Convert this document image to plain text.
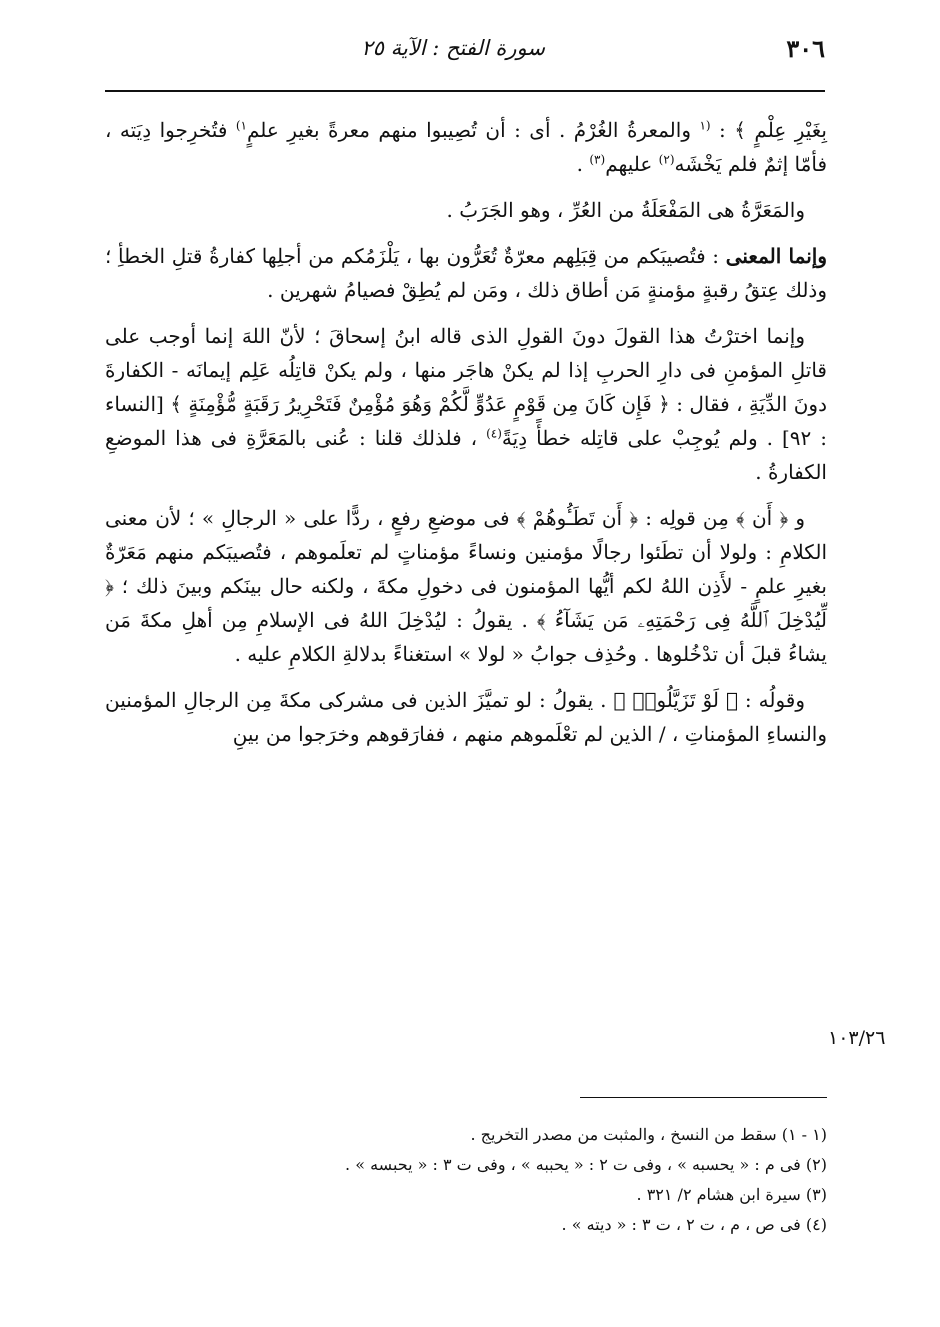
٣٠٦
سورة الفتح : الآية ٢٥

بِغَيْرِ عِلْمٍ ﴾ : $^{(١}$ والمعرةُ الغُرْمُ . أى : أن تُصِيبوا منهم معرةً بغيرِ علمٍ$^{١)}$ فتُخرِجوا دِيَته ، فأمّا إثمٌ فلم يَخْشَه$^{(٢)}$ عليهم$^{(٣)}$ .

والمَعَرَّةُ هى المَفْعَلَةُ من العُرِّ ، وهو الجَرَبُ .

وإنما المعنى : فتُصيبَكم من قِبَلِهم معرّةٌ تُعَرُّون بها ، يَلْزَمُكم من أجلِها كفارةُ قتلِ الخطأِ ؛ وذلك عِتقُ رقبةٍ مؤمنةٍ مَن أطاق ذلك ، ومَن لم يُطِقْ فصيامُ شهرين .

وإنما اخترْتُ هذا القولَ دونَ القولِ الذى قاله ابنُ إسحاقَ ؛ لأنّ اللهَ إنما أوجب على قاتلِ المؤمنِ فى دارِ الحربِ إذا لم يكنْ هاجَر منها ، ولم يكنْ قاتِلُه عَلِم إيمانَه - الكفارةَ دونَ الدِّيَةِ ، فقال : ﴿ فَإِن كَانَ مِن قَوْمٍ عَدُوٍّ لَّكُمْ وَهُوَ مُؤْمِنٌ فَتَحْرِيرُ رَقَبَةٍ مُّؤْمِنَةٍ ﴾ [النساء : ٩٢] . ولم يُوجِبْ على قاتِله خطأً دِيَةً$^{(٤)}$ ، فلذلك قلنا : عُنى بالمَعَرَّةِ فى هذا الموضعِ الكفارةُ .

و ﴿ أَن ﴾ مِن قولِه : ﴿ أَن تَطَـُٔوهُمْ ﴾ فى موضعِ رفعٍ ، ردًّا على « الرجالِ » ؛ لأن معنى الكلامِ : ولولا أن تطَئوا رجالًا مؤمنين ونساءً مؤمناتٍ لم تعلَموهم ، فتُصيبَكم منهم مَعَرّةٌ بغيرِ علمٍ - لأَذِن اللهُ لكم أيُّها المؤمنون فى دخولِ مكةَ ، ولكنه حال بينَكم وبينَ ذلك ؛ ﴿ لِّيُدْخِلَ ٱللَّهُ فِى رَحْمَتِهِۦ مَن يَشَآءُ ﴾ . يقولُ : ليُدْخِلَ اللهُ فى الإسلامِ مِن أهلِ مكةَ مَن يشاءُ قبلَ أن تدْخُلوها . وحُذِف جوابُ « لولا » استغناءً بدلالةِ الكلامِ عليه .

وقولُه : ﴿ لَوْ تَزَيَّلُوا۟ ﴾ . يقولُ : لو تميَّزَ الذين فى مشركى مكةَ مِن الرجالِ المؤمنين والنساءِ المؤمناتِ ، / الذين لم تعْلَموهم منهم ، ففارَقوهم وخرَجوا من بينِ

١٠٣/٢٦

(١ - ١) سقط من النسخ ، والمثبت من مصدر التخريج .

(٢) فى م : « يحسبه » ، وفى ت ٢ : « يحببه » ، وفى ت ٣ : « يحبسه » .

(٣) سيرة ابن هشام ٢/ ٣٢١ .

(٤) فى ص ، م ، ت ٢ ، ت ٣ : « ديته » .
